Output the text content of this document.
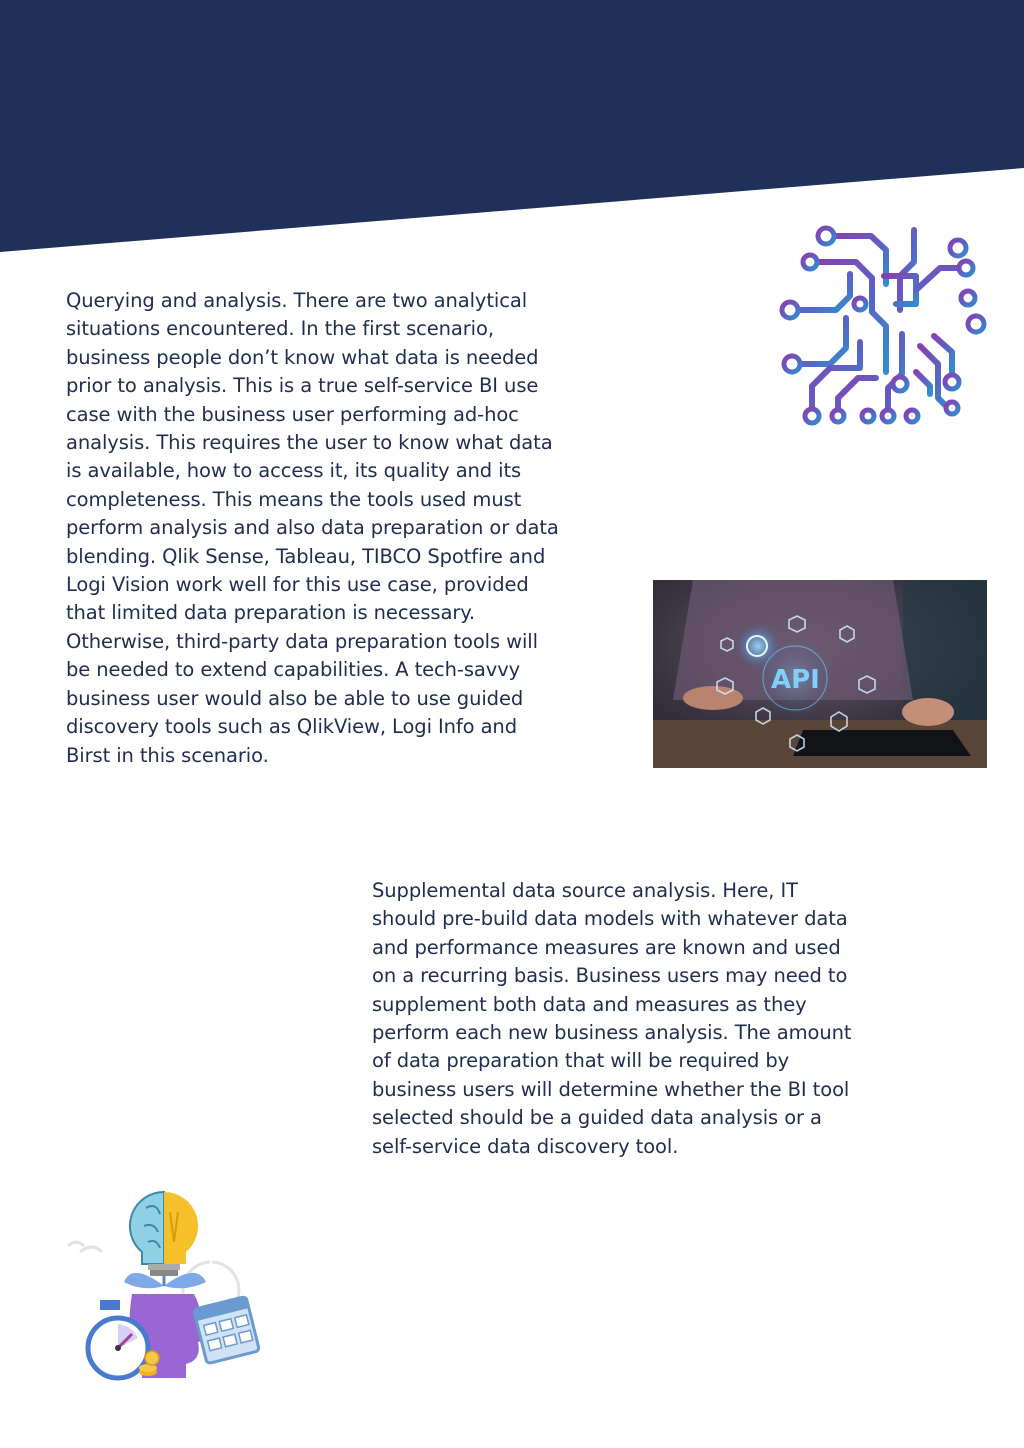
Querying and analysis. There are two analytical
situations encountered. In the first scenario,
business people don’t know what data is needed
prior to analysis. This is a true self-service BI use
case with the business user performing ad-hoc
analysis. This requires the user to know what data
is available, how to access it, its quality and its
completeness. This means the tools used must
perform analysis and also data preparation or data
blending. Qlik Sense, Tableau, TIBCO Spotfire and
Logi Vision work well for this use case, provided
that limited data preparation is necessary.
Otherwise, third-party data preparation tools will
be needed to extend capabilities. A tech-savvy
business user would also be able to use guided
discovery tools such as QlikView, Logi Info and
Birst in this scenario.

API

Supplemental data source analysis. Here, IT
should pre-build data models with whatever data
and performance measures are known and used
on a recurring basis. Business users may need to
supplement both data and measures as they
perform each new business analysis. The amount
of data preparation that will be required by
business users will determine whether the BI tool
selected should be a guided data analysis or a
self-service data discovery tool.
